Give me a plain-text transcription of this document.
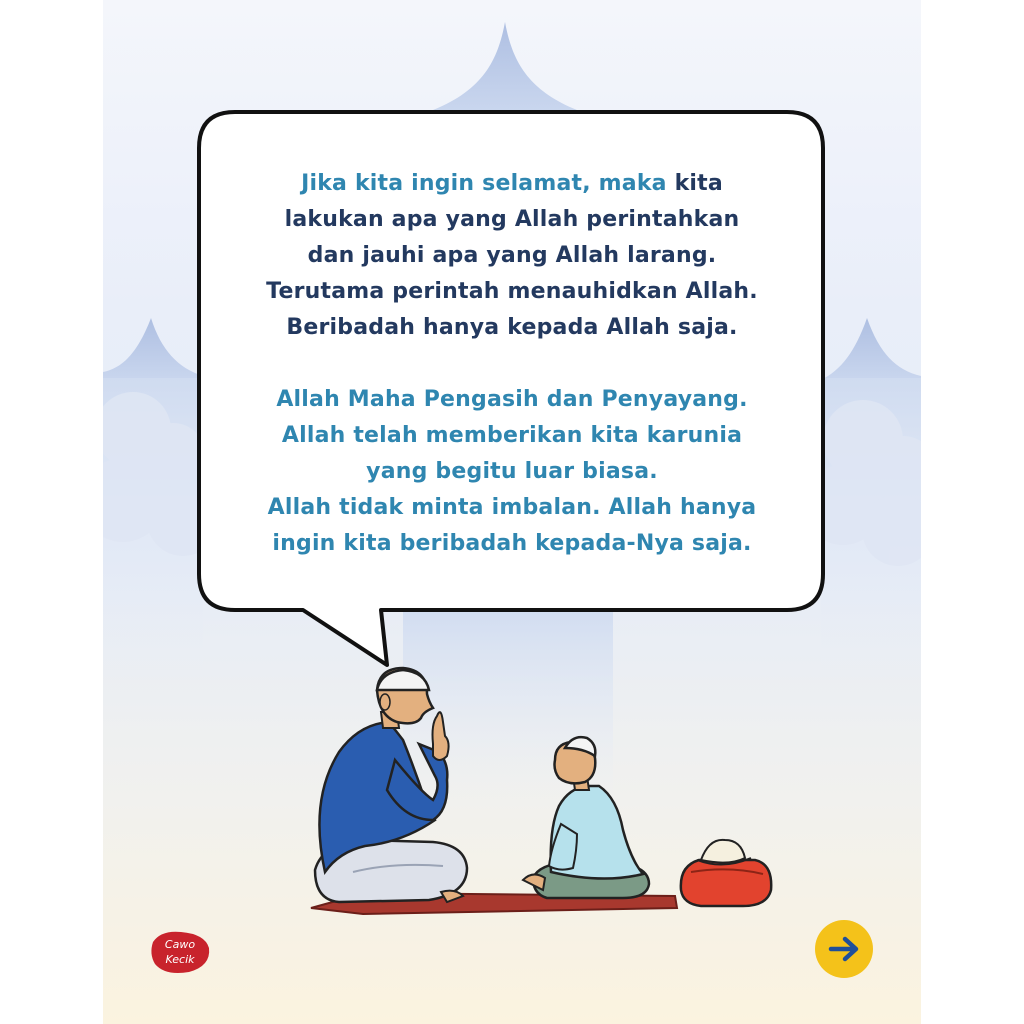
Jika kita ingin selamat, maka kita
lakukan apa yang Allah perintahkan
dan jauhi apa yang Allah larang.
Terutama perintah menauhidkan Allah.
Beribadah hanya kepada Allah saja.
Allah Maha Pengasih dan Penyayang.
Allah telah memberikan kita karunia
yang begitu luar biasa.
Allah tidak minta imbalan. Allah hanya
ingin kita beribadah kepada-Nya saja.
Cawo
Kecik
